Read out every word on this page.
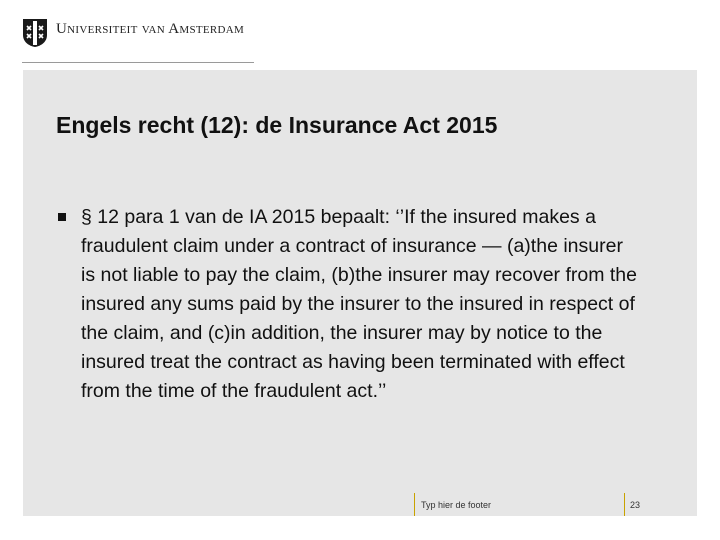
Universiteit van Amsterdam
Engels recht (12): de Insurance Act 2015
§ 12 para 1 van de IA 2015 bepaalt: ‘’If the insured makes a fraudulent claim under a contract of insurance — (a)the insurer is not liable to pay the claim, (b)the insurer may recover from the insured any sums paid by the insurer to the insured in respect of the claim, and (c)in addition, the insurer may by notice to the insured treat the contract as having been terminated with effect from the time of the fraudulent act.’’
Typ hier de footer	23
